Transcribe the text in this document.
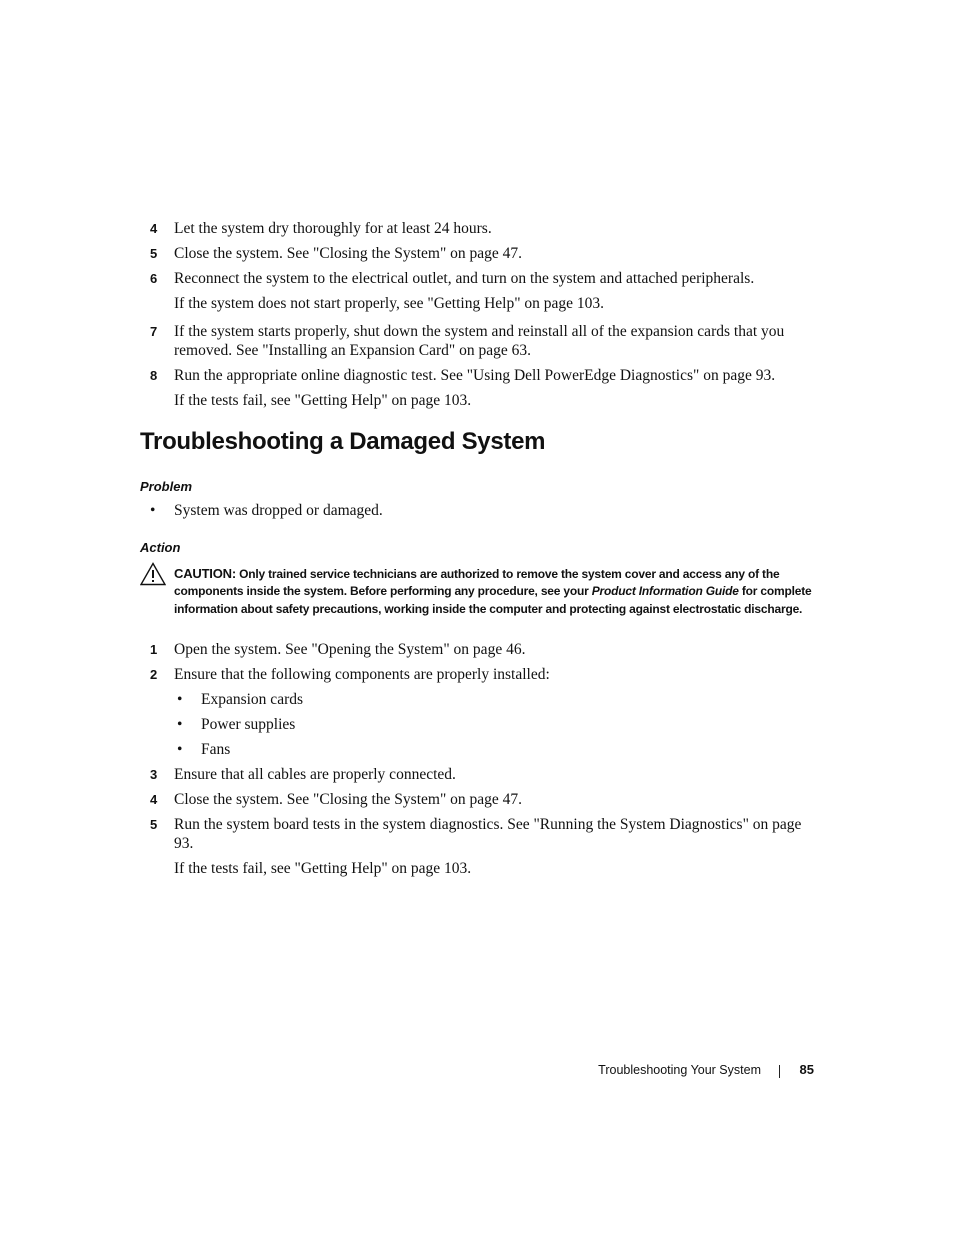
4 Let the system dry thoroughly for at least 24 hours.
5 Close the system. See "Closing the System" on page 47.
6 Reconnect the system to the electrical outlet, and turn on the system and attached peripherals.
If the system does not start properly, see "Getting Help" on page 103.
7 If the system starts properly, shut down the system and reinstall all of the expansion cards that you removed. See "Installing an Expansion Card" on page 63.
8 Run the appropriate online diagnostic test. See "Using Dell PowerEdge Diagnostics" on page 93.
If the tests fail, see "Getting Help" on page 103.
Troubleshooting a Damaged System
Problem
• System was dropped or damaged.
Action
CAUTION: Only trained service technicians are authorized to remove the system cover and access any of the components inside the system. Before performing any procedure, see your Product Information Guide for complete information about safety precautions, working inside the computer and protecting against electrostatic discharge.
1 Open the system. See "Opening the System" on page 46.
2 Ensure that the following components are properly installed:
• Expansion cards
• Power supplies
• Fans
3 Ensure that all cables are properly connected.
4 Close the system. See "Closing the System" on page 47.
5 Run the system board tests in the system diagnostics. See "Running the System Diagnostics" on page 93.
If the tests fail, see "Getting Help" on page 103.
Troubleshooting Your System	85
